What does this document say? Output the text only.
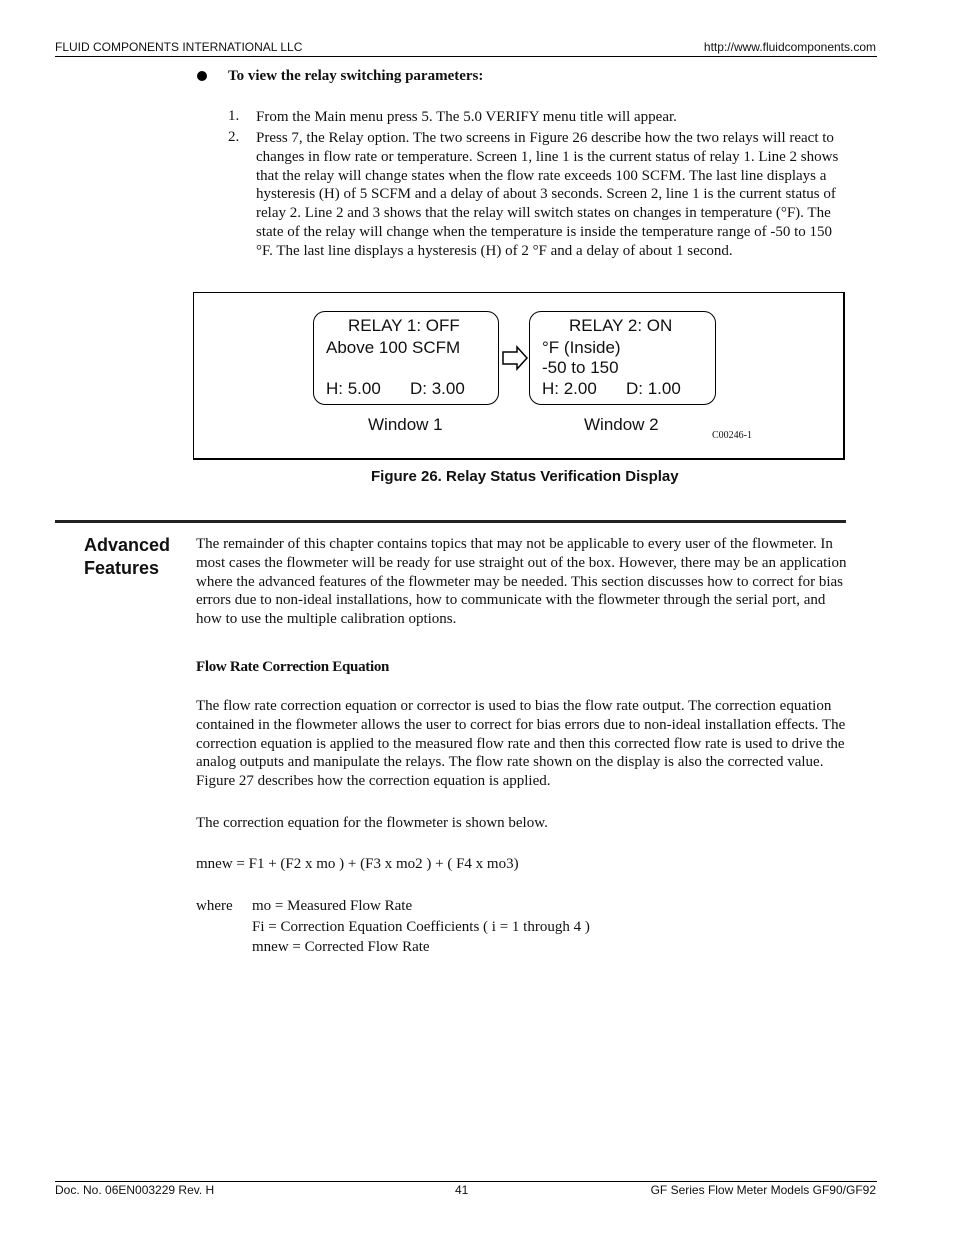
FLUID COMPONENTS INTERNATIONAL LLC	http://www.fluidcomponents.com
To view the relay switching parameters:
1. From the Main menu press 5. The 5.0 VERIFY menu title will appear.
2. Press 7, the Relay option. The two screens in Figure 26 describe how the two relays will react to changes in flow rate or temperature. Screen 1, line 1 is the current status of relay 1. Line 2 shows that the relay will change states when the flow rate exceeds 100 SCFM. The last line displays a hysteresis (H) of 5 SCFM and a delay of about 3 seconds. Screen 2, line 1 is the current status of relay 2. Line 2 and 3 shows that the relay will switch states on changes in temperature (°F). The state of the relay will change when the temperature is inside the temperature range of -50 to 150 °F. The last line displays a hysteresis (H) of 2 °F and a delay of about 1 second.
RELAY 1: OFF
Above 100 SCFM
H: 5.00 D: 3.00
RELAY 2: ON
°F (Inside)
-50 to 150
H: 2.00 D: 1.00
Window 1	Window 2
C00246-1
Figure 26. Relay Status Verification Display
Advanced
Features
The remainder of this chapter contains topics that may not be applicable to every user of the flowmeter. In most cases the flowmeter will be ready for use straight out of the box. However, there may be an application where the advanced features of the flowmeter may be needed. This section discusses how to correct for bias errors due to non-ideal installations, how to communicate with the flowmeter through the serial port, and how to use the multiple calibration options.
Flow Rate Correction Equation
The flow rate correction equation or corrector is used to bias the flow rate output. The correction equation contained in the flowmeter allows the user to correct for bias errors due to non-ideal installation effects. The correction equation is applied to the measured flow rate and then this corrected flow rate is used to drive the analog outputs and manipulate the relays. The flow rate shown on the display is also the corrected value. Figure 27 describes how the correction equation is applied.
The correction equation for the flowmeter is shown below.
mnew = F1 + (F2 x mo ) + (F3 x mo2 ) + ( F4 x mo3)
where mo = Measured Flow Rate
Fi = Correction Equation Coefficients ( i = 1 through 4 )
mnew = Corrected Flow Rate
Doc. No. 06EN003229 Rev. H	41	GF Series Flow Meter Models GF90/GF92
